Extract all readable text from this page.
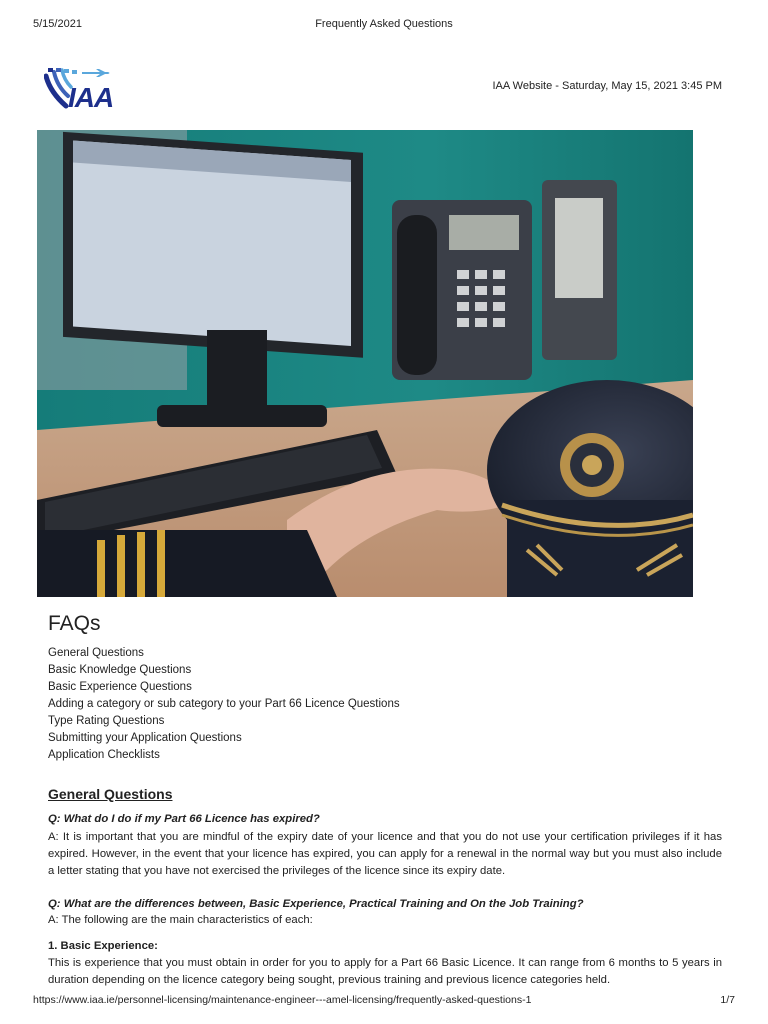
5/15/2021	Frequently Asked Questions
IAA	IAA Website - Saturday, May 15, 2021 3:45 PM
FAQs
General Questions
Basic Knowledge Questions
Basic Experience Questions
Adding a category or sub category to your Part 66 Licence Questions
Type Rating Questions
Submitting your Application Questions
Application Checklists
General Questions
Q: What do I do if my Part 66 Licence has expired?
A: It is important that you are mindful of the expiry date of your licence and that you do not use your certification privileges if it has expired. However, in the event that your licence has expired, you can apply for a renewal in the normal way but you must also include a letter stating that you have not exercised the privileges of the licence since its expiry date.
Q: What are the differences between, Basic Experience, Practical Training and On the Job Training?
A: The following are the main characteristics of each:
1. Basic Experience:
This is experience that you must obtain in order for you to apply for a Part 66 Basic Licence. It can range from 6 months to 5 years in duration depending on the licence category being sought, previous training and previous licence categories held.
https://www.iaa.ie/personnel-licensing/maintenance-engineer---amel-licensing/frequently-asked-questions-1	1/7
